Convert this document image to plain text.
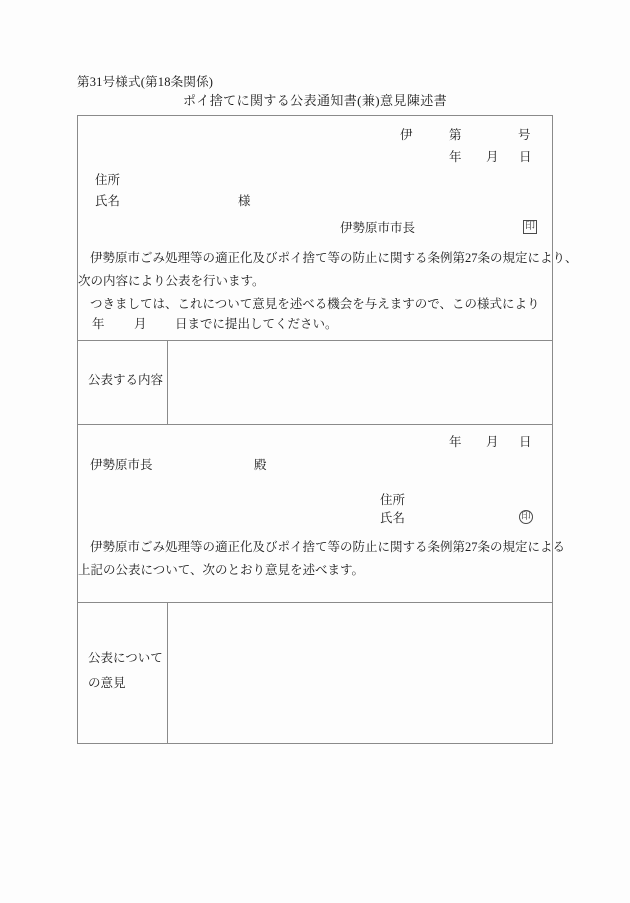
第31号様式(第18条関係)
ポイ捨てに関する公表通知書(兼)意見陳述書
伊	第	号
年 月 日
住所
氏名	様
伊勢原市市長	印
伊勢原市ごみ処理等の適正化及びポイ捨て等の防止に関する条例第27条の規定により、
次の内容により公表を行います。
つきましては、これについて意見を述べる機会を与えますので、この様式により
年 月 日までに提出してください。
公表する内容
年 月 日
伊勢原市長	殿
住所
氏名	印
伊勢原市ごみ処理等の適正化及びポイ捨て等の防止に関する条例第27条の規定による
上記の公表について、次のとおり意見を述べます。
公表について
の意見
